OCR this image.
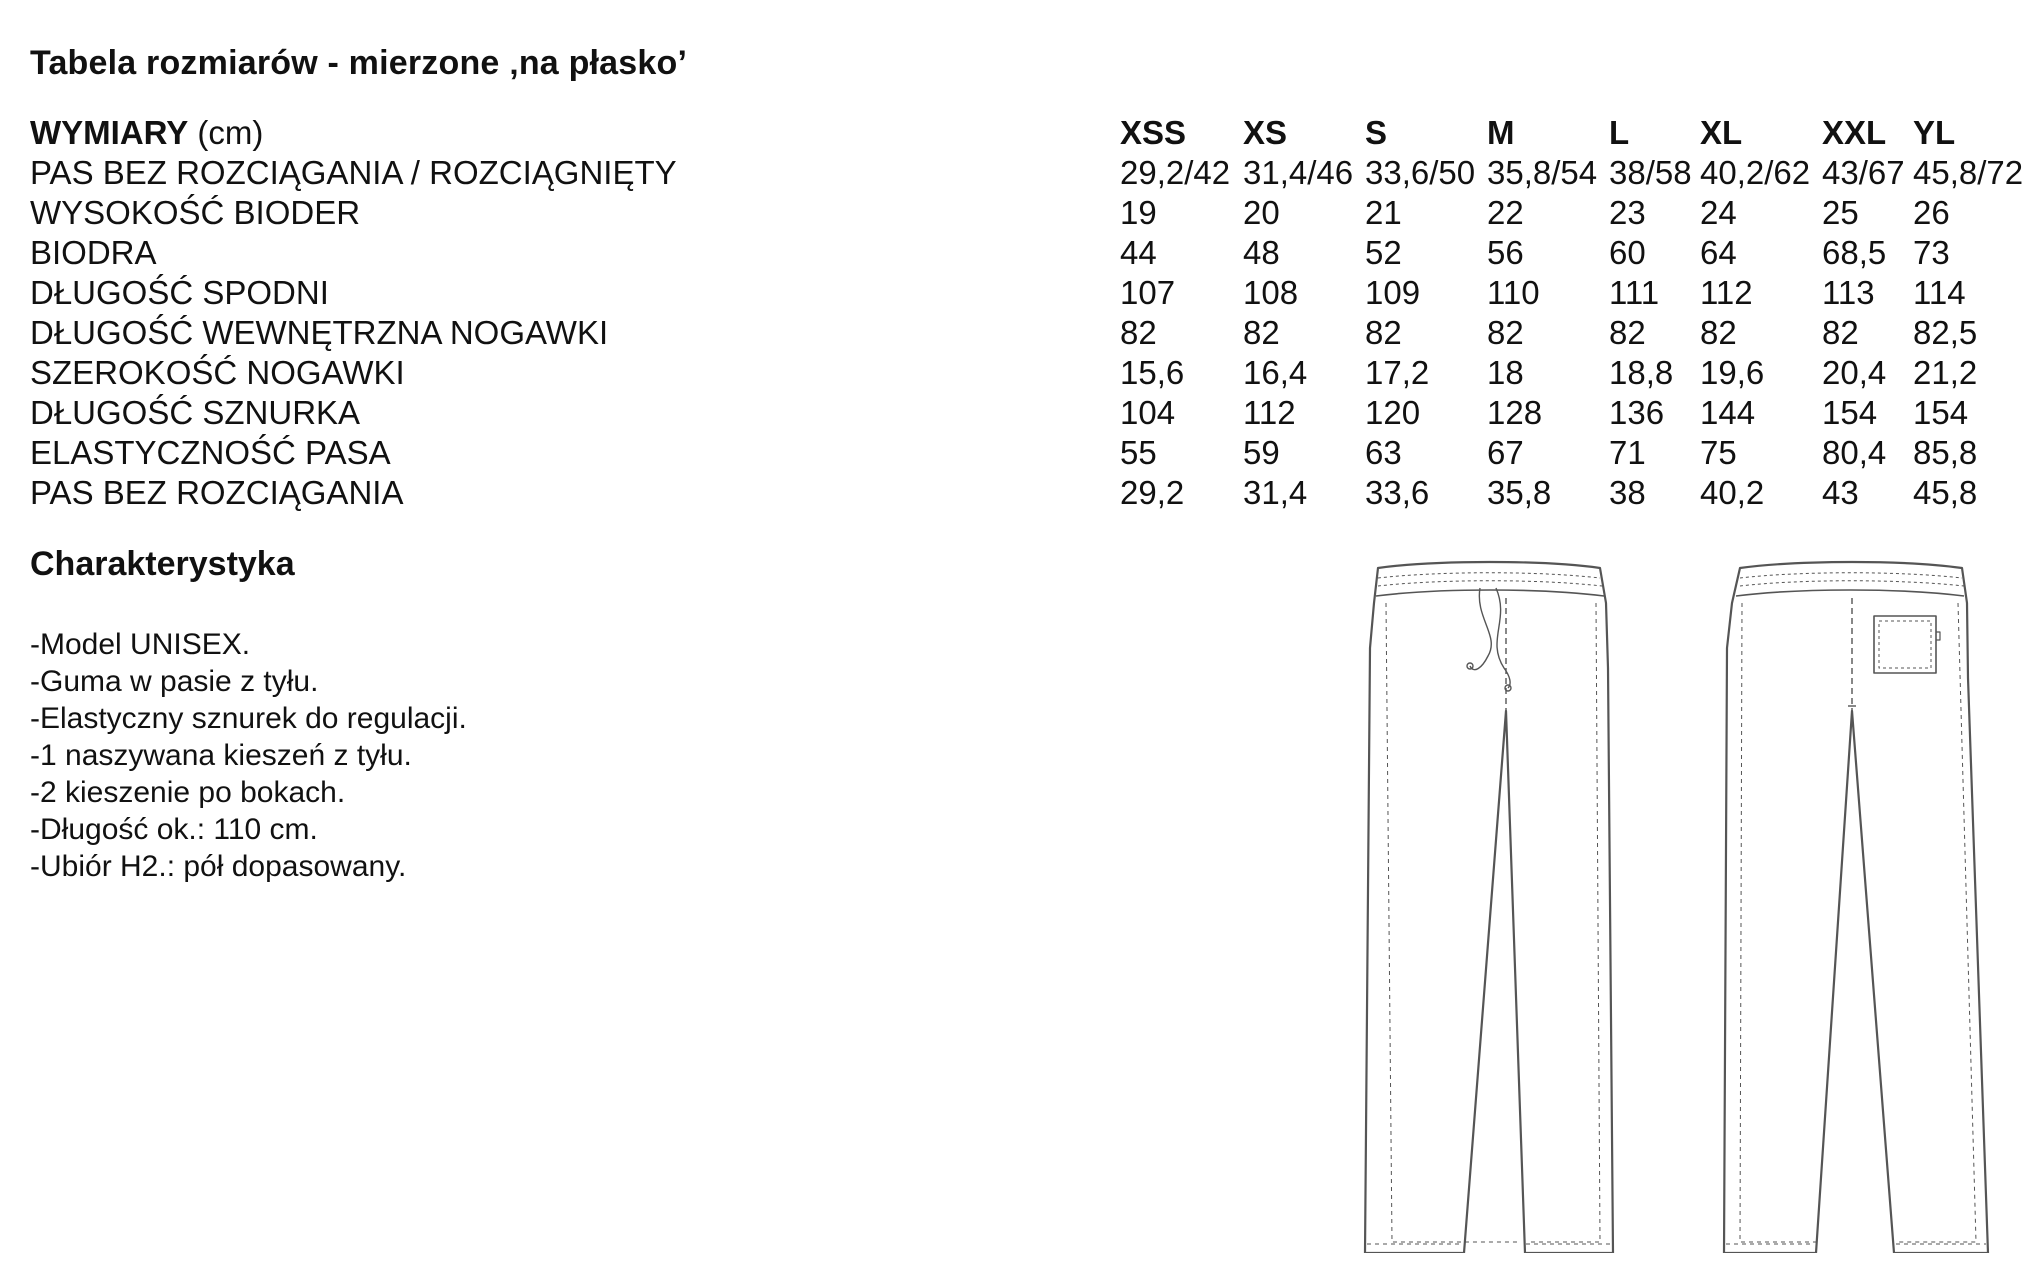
Tabela rozmiarów - mierzone ‚na płasko’
WYMIARY (cm)	XSS XS S	M	L XL XXL YL
PAS BEZ ROZCIĄGANIA / ROZCIĄGNIĘTY	29,2/42 31,4/46 33,6/50 35,8/54 38/58 40,2/62 43/67 45,8/72
WYSOKOŚĆ BIODER	19	20	21	22	23 24	25 26
BIODRA	44	48	52	56	60 64	68,5 73
DŁUGOŚĆ SPODNI	107 108 109 110 111 112 113 114
DŁUGOŚĆ WEWNĘTRZNA NOGAWKI	82	82	82	82	82 82	82 82,5
SZEROKOŚĆ NOGAWKI	15,6 16,4 17,2 18	18,8 19,6 20,4 21,2
DŁUGOŚĆ SZNURKA	104 112 120 128 136 144 154 154
ELASTYCZNOŚĆ PASA	55	59	63	67	71 75	80,4 85,8
PAS BEZ ROZCIĄGANIA	29,2 31,4 33,6 35,8 38 40,2 43 45,8
Charakterystyka
-Model UNISEX.
-Guma w pasie z tyłu.
-Elastyczny sznurek do regulacji.
-1 naszywana kieszeń z tyłu.
-2 kieszenie po bokach.
-Długość ok.: 110 cm.
-Ubiór H2.: pół dopasowany.
